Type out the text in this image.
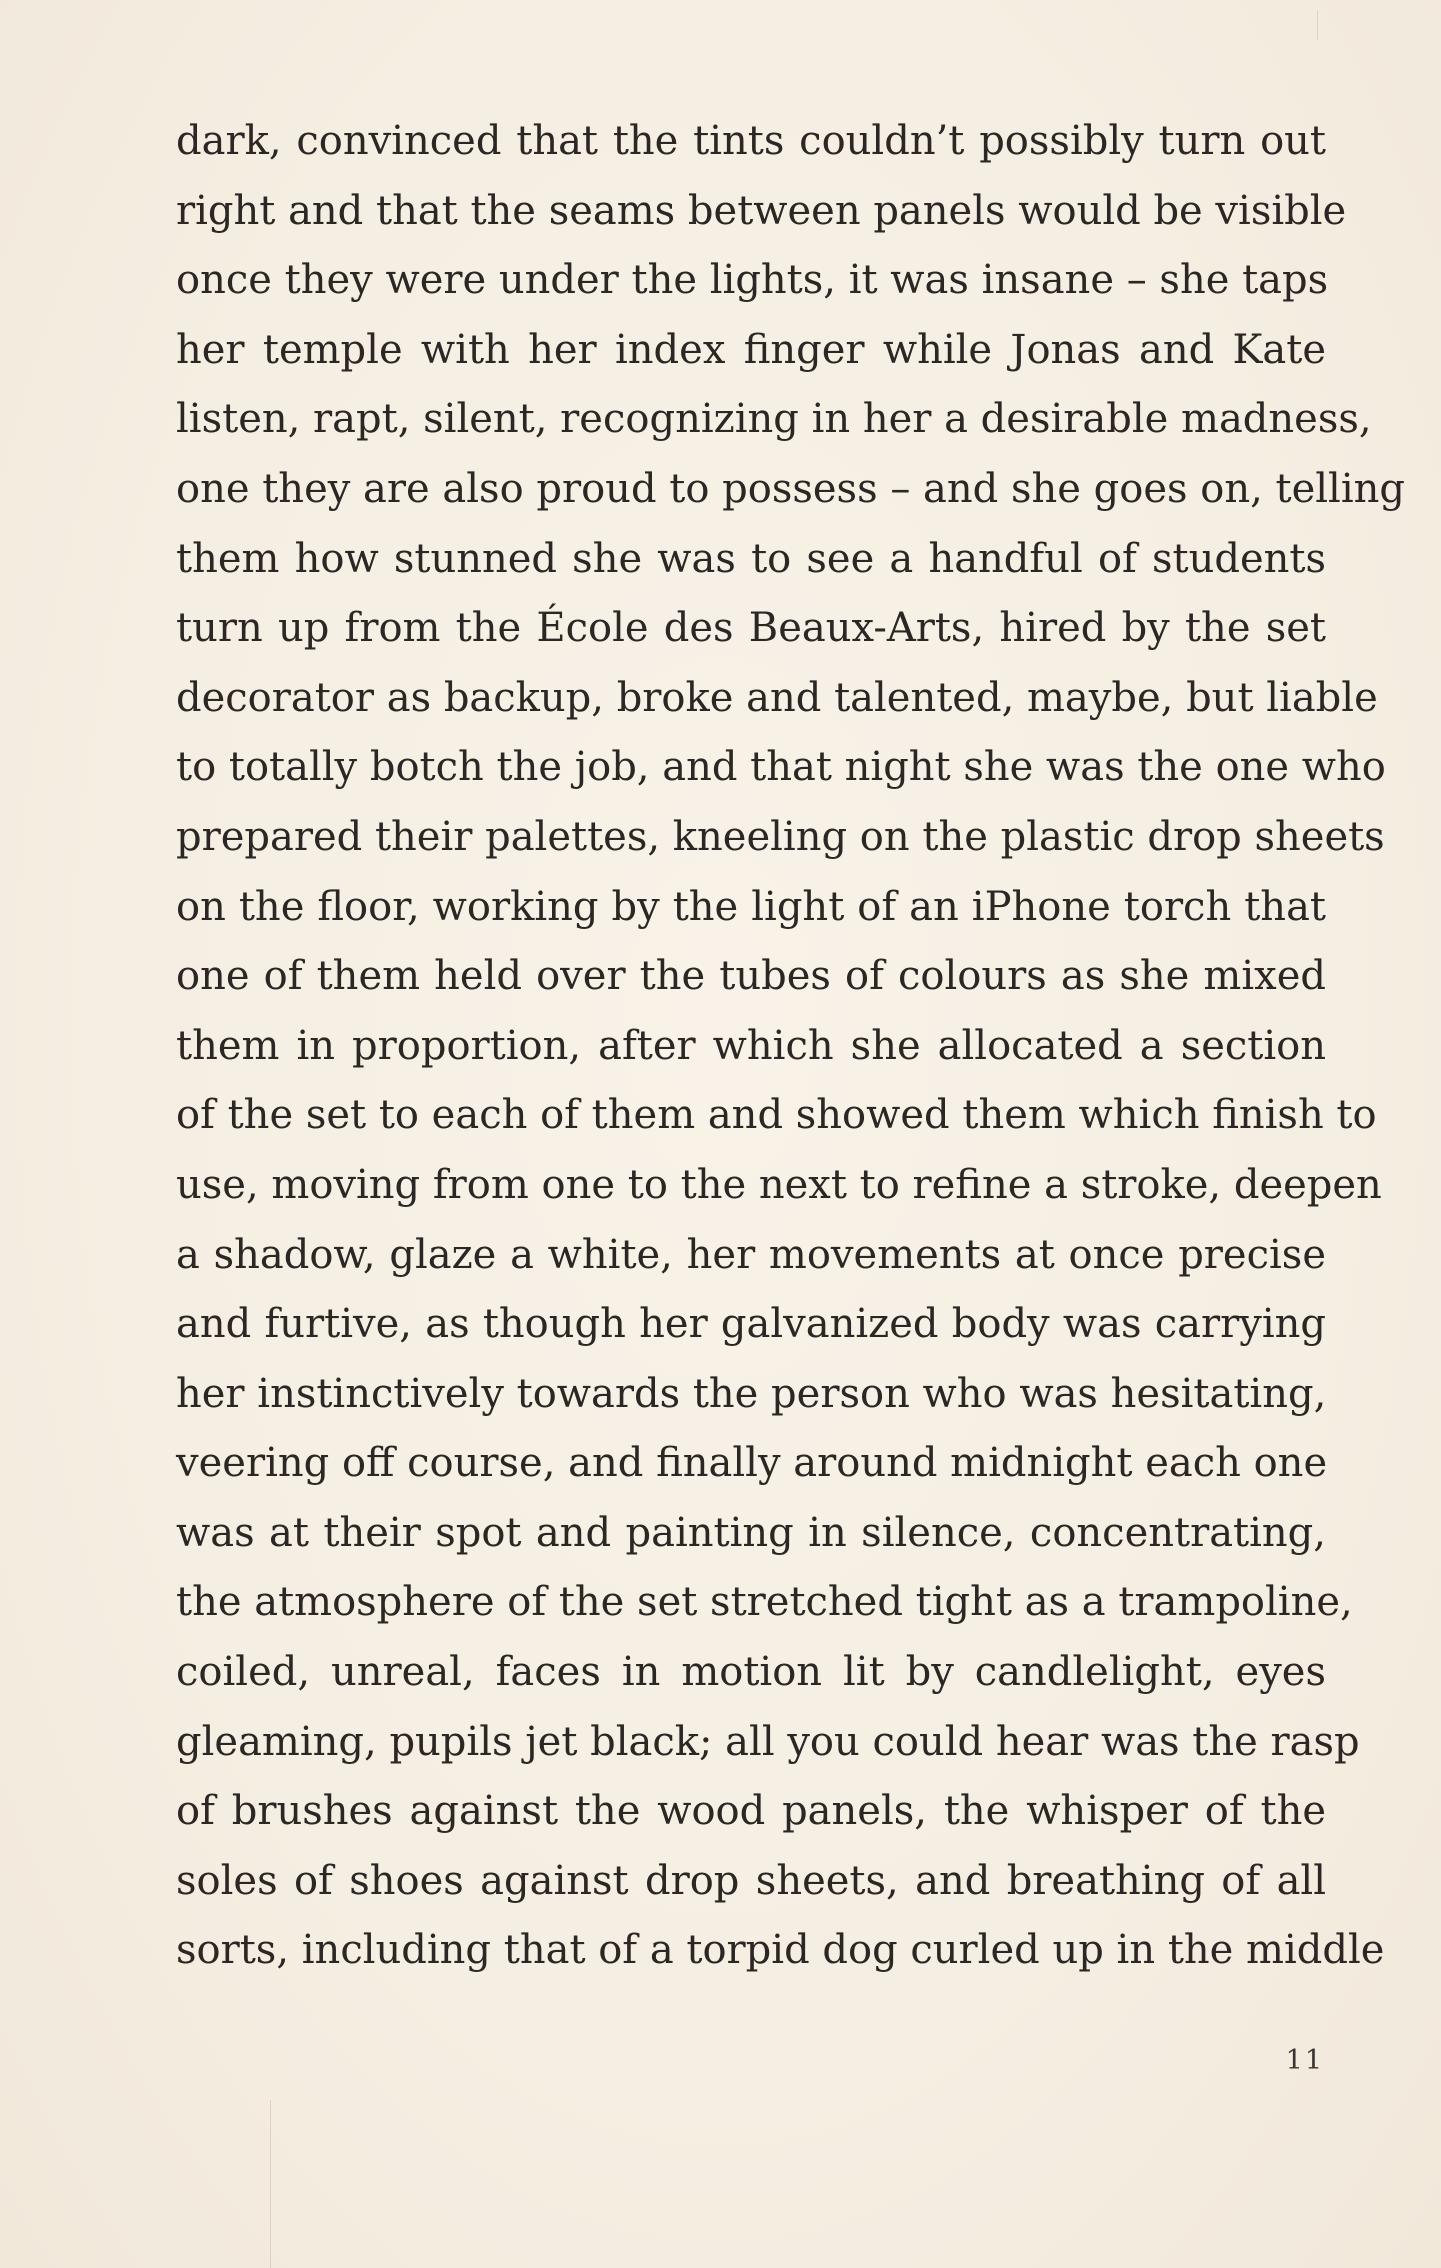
dark, convinced that the tints couldn’t possibly turn out
right and that the seams between panels would be visible
once they were under the lights, it was insane – she taps
her temple with her index finger while Jonas and Kate
listen, rapt, silent, recognizing in her a desirable madness,
one they are also proud to possess – and she goes on, telling
them how stunned she was to see a handful of students
turn up from the École des Beaux-Arts, hired by the set
decorator as backup, broke and talented, maybe, but liable
to totally botch the job, and that night she was the one who
prepared their palettes, kneeling on the plastic drop sheets
on the floor, working by the light of an iPhone torch that
one of them held over the tubes of colours as she mixed
them in proportion, after which she allocated a section
of the set to each of them and showed them which finish to
use, moving from one to the next to refine a stroke, deepen
a shadow, glaze a white, her movements at once precise
and furtive, as though her galvanized body was carrying
her instinctively towards the person who was hesitating,
veering off course, and finally around midnight each one
was at their spot and painting in silence, concentrating,
the atmosphere of the set stretched tight as a trampoline,
coiled, unreal, faces in motion lit by candlelight, eyes
gleaming, pupils jet black; all you could hear was the rasp
of brushes against the wood panels, the whisper of the
soles of shoes against drop sheets, and breathing of all
sorts, including that of a torpid dog curled up in the middle
11
